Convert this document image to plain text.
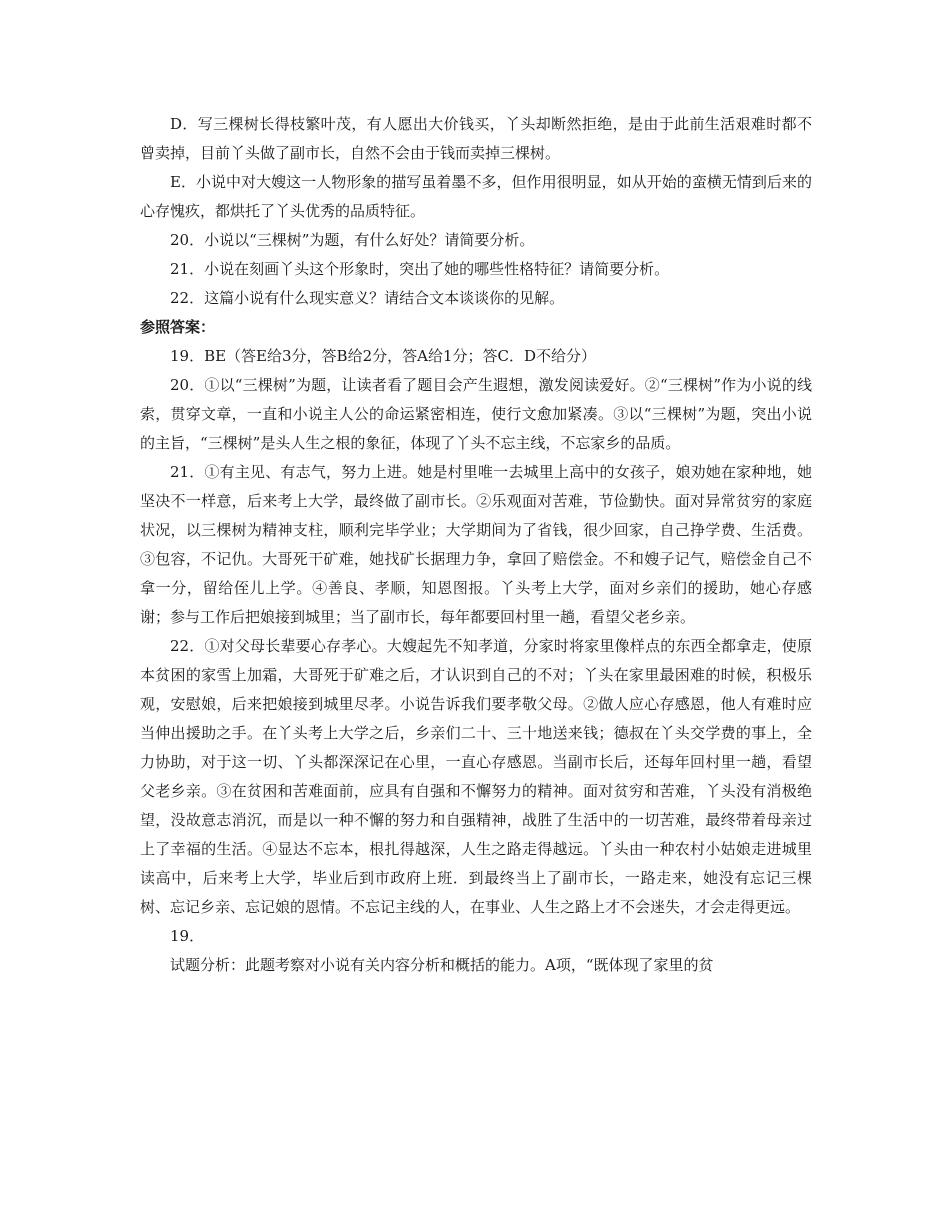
D．写三棵树长得枝繁叶茂，有人愿出大价钱买，丫头却断然拒绝，是由于此前生活艰难时都不曾卖掉，目前丫头做了副市长，自然不会由于钱而卖掉三棵树。

E．小说中对大嫂这一人物形象的描写虽着墨不多，但作用很明显，如从开始的蛮横无情到后来的心存愧疚，都烘托了丫头优秀的品质特征。

20．小说以“三棵树”为题，有什么好处？请简要分析。

21．小说在刻画丫头这个形象时，突出了她的哪些性格特征？请简要分析。

22．这篇小说有什么现实意义？请结合文本谈谈你的见解。

参照答案：

19．BE（答E给3分，答B给2分，答A给1分；答C．D不给分）

20．①以“三棵树”为题，让读者看了题目会产生遐想，激发阅读爱好。②“三棵树”作为小说的线索，贯穿文章，一直和小说主人公的命运紧密相连，使行文愈加紧凑。③以“三棵树”为题，突出小说的主旨，“三棵树”是头人生之根的象征，体现了丫头不忘主线，不忘家乡的品质。

21．①有主见、有志气，努力上进。她是村里唯一去城里上高中的女孩子，娘劝她在家种地，她坚决不一样意，后来考上大学，最终做了副市长。②乐观面对苦难，节俭勤快。面对异常贫穷的家庭状况，以三棵树为精神支柱，顺利完毕学业；大学期间为了省钱，很少回家，自己挣学费、生活费。③包容，不记仇。大哥死干矿难，她找矿长据理力争，拿回了赔偿金。不和嫂子记气，赔偿金自己不拿一分，留给侄儿上学。④善良、孝顺，知恩图报。丫头考上大学，面对乡亲们的援助，她心存感谢；参与工作后把娘接到城里；当了副市长，每年都要回村里一趟，看望父老乡亲。

22．①对父母长辈要心存孝心。大嫂起先不知孝道，分家时将家里像样点的东西全都拿走，使原本贫困的家雪上加霜，大哥死于矿难之后，才认识到自己的不对；丫头在家里最困难的时候，积极乐观，安慰娘，后来把娘接到城里尽孝。小说告诉我们要孝敬父母。②做人应心存感恩，他人有难时应当伸出援助之手。在丫头考上大学之后，乡亲们二十、三十地送来钱；德叔在丫头交学费的事上，全力协助，对于这一切、丫头都深深记在心里，一直心存感恩。当副市长后，还每年回村里一趟，看望父老乡亲。③在贫困和苦难面前，应具有自强和不懈努力的精神。面对贫穷和苦难，丫头没有消极绝望，没故意志消沉，而是以一种不懈的努力和自强精神，战胜了生活中的一切苦难，最终带着母亲过上了幸福的生活。④显达不忘本，根扎得越深，人生之路走得越远。丫头由一种农村小姑娘走进城里读高中，后来考上大学，毕业后到市政府上班．到最终当上了副市长，一路走来，她没有忘记三棵树、忘记乡亲、忘记娘的恩情。不忘记主线的人，在事业、人生之路上才不会迷失，才会走得更远。

19．

试题分析：此题考察对小说有关内容分析和概括的能力。A项，“既体现了家里的贫
